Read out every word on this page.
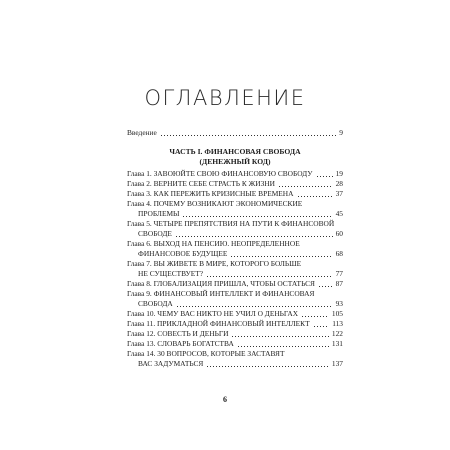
ОГЛАВЛЕНИЕ
Введение	9
ЧАСТЬ I. ФИНАНСОВАЯ СВОБОДА
(ДЕНЕЖНЫЙ КОД)
Глава 1. ЗАВОЮЙТЕ СВОЮ ФИНАНСОВУЮ СВОБОДУ	19
Глава 2. ВЕРНИТЕ СЕБЕ СТРАСТЬ К ЖИЗНИ	28
Глава 3. КАК ПЕРЕЖИТЬ КРИЗИСНЫЕ ВРЕМЕНА	37
Глава 4. ПОЧЕМУ ВОЗНИКАЮТ ЭКОНОМИЧЕСКИЕ
ПРОБЛЕМЫ	45
Глава 5. ЧЕТЫРЕ ПРЕПЯТСТВИЯ НА ПУТИ К ФИНАНСОВОЙ
СВОБОДЕ	60
Глава 6. ВЫХОД НА ПЕНСИЮ. НЕОПРЕДЕЛЕННОЕ
ФИНАНСОВОЕ БУДУЩЕЕ	68
Глава 7. ВЫ ЖИВЕТЕ В МИРЕ, КОТОРОГО БОЛЬШЕ
НЕ СУЩЕСТВУЕТ?	77
Глава 8. ГЛОБАЛИЗАЦИЯ ПРИШЛА, ЧТОБЫ ОСТАТЬСЯ	87
Глава 9. ФИНАНСОВЫЙ ИНТЕЛЛЕКТ И ФИНАНСОВАЯ
СВОБОДА	93
Глава 10. ЧЕМУ ВАС НИКТО НЕ УЧИЛ О ДЕНЬГАХ	105
Глава 11. ПРИКЛАДНОЙ ФИНАНСОВЫЙ ИНТЕЛЛЕКТ	113
Глава 12. СОВЕСТЬ И ДЕНЬГИ	122
Глава 13. СЛОВАРЬ БОГАТСТВА	131
Глава 14. 30 ВОПРОСОВ, КОТОРЫЕ ЗАСТАВЯТ
ВАС ЗАДУМАТЬСЯ	137
6
